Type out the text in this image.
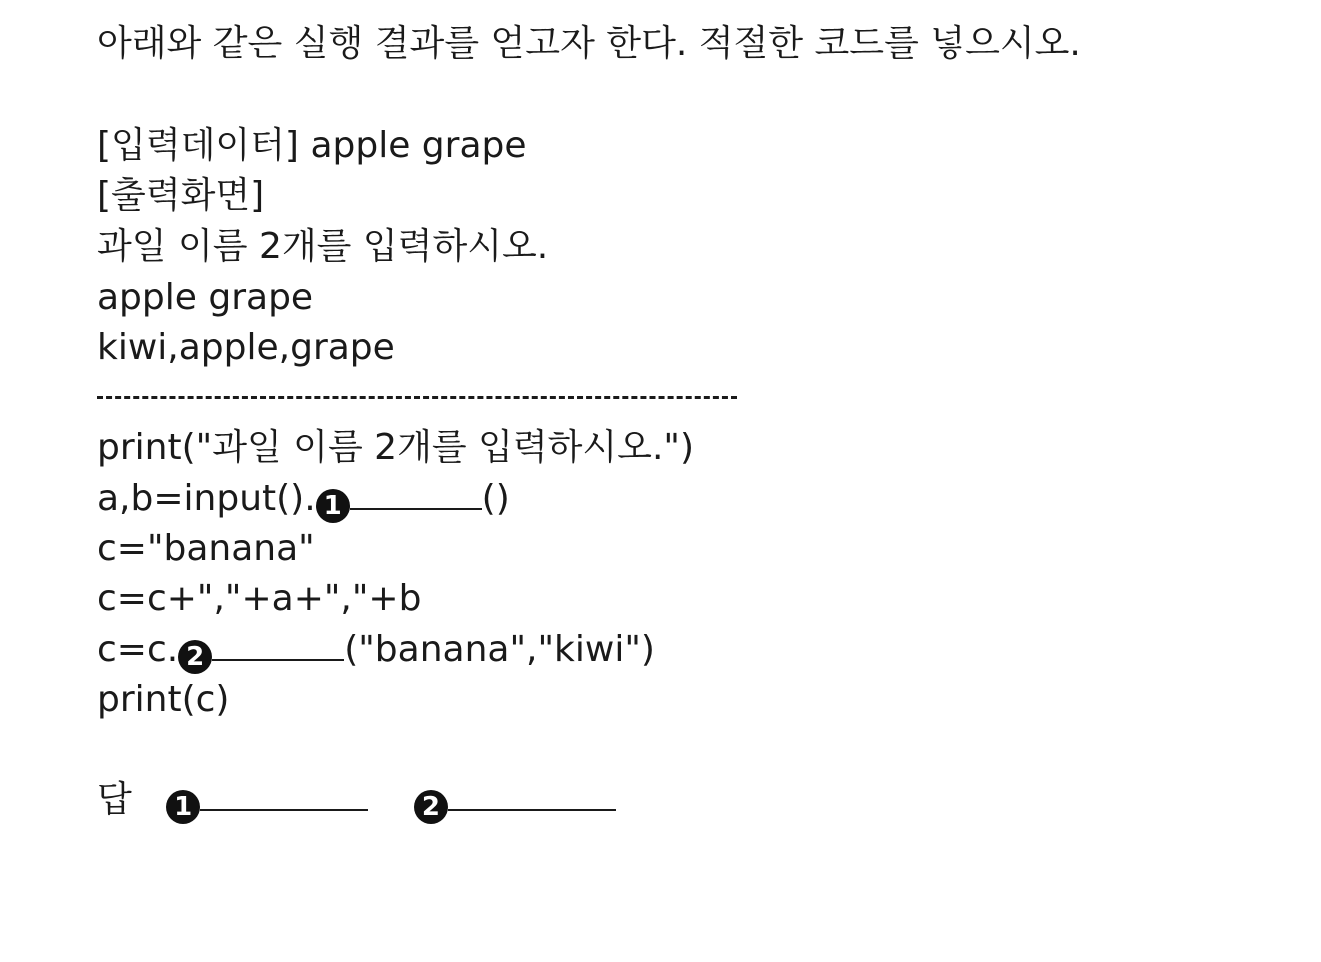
아래와 같은 실행 결과를 얻고자 한다. 적절한 코드를 넣으시오.
[입력데이터] apple grape
[출력화면]
과일 이름 2개를 입력하시오.
apple grape
kiwi,apple,grape
print("과일 이름 2개를 입력하시오.")
a,b=input(). 1	()
c="banana"
c=c+","+a+","+b
c=c. 2	("banana","kiwi")
print(c)
답 1	2
